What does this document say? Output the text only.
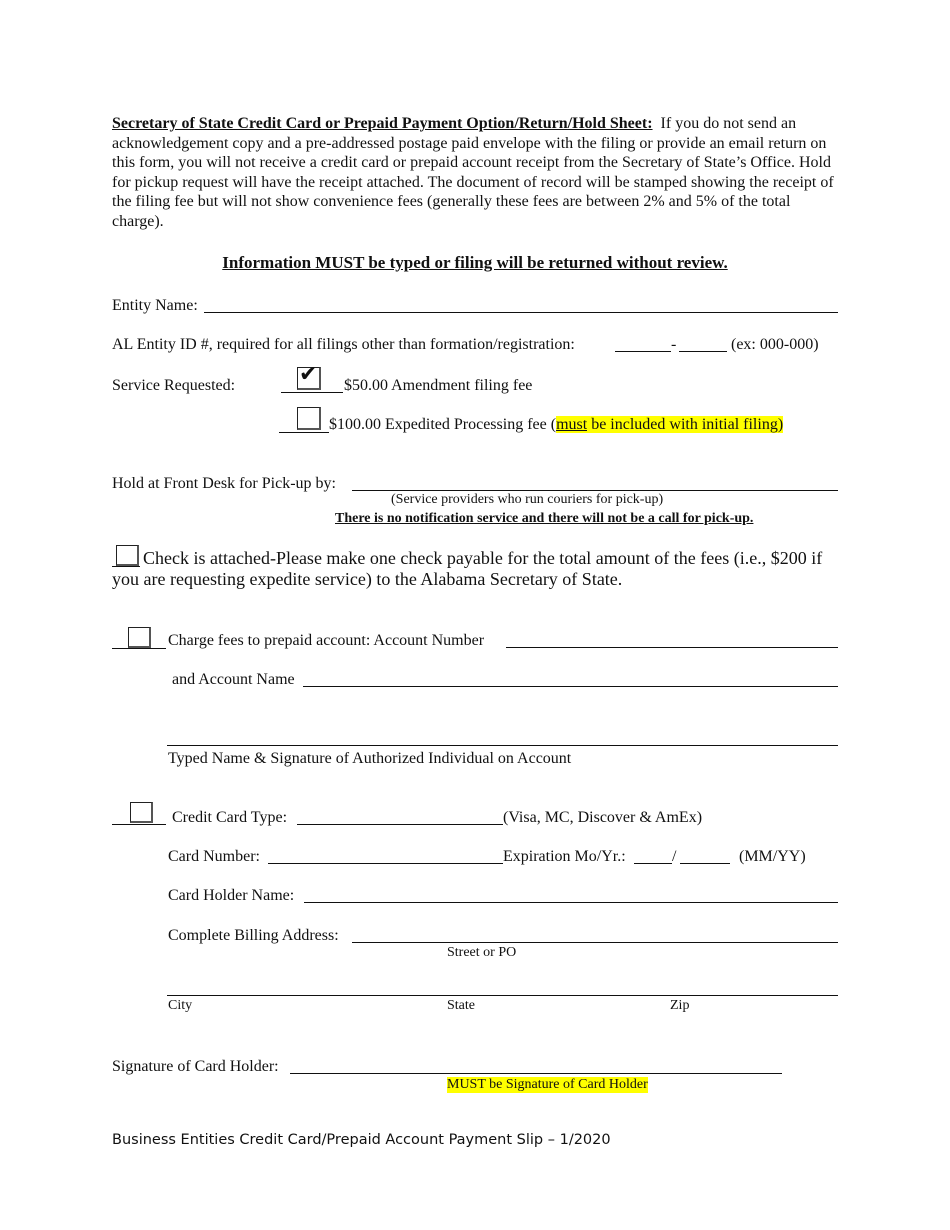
Secretary of State Credit Card or Prepaid Payment Option/Return/Hold Sheet: If you do not send an acknowledgement copy and a pre-addressed postage paid envelope with the filing or provide an email return on this form, you will not receive a credit card or prepaid account receipt from the Secretary of State’s Office. Hold for pickup request will have the receipt attached. The document of record will be stamped showing the receipt of the filing fee but will not show convenience fees (generally these fees are between 2% and 5% of the total charge).
Information MUST be typed or filing will be returned without review.
Entity Name:
AL Entity ID #, required for all filings other than formation/registration:	-	(ex: 000-000)
Service Requested:	✔ $50.00 Amendment filing fee
$100.00 Expedited Processing fee (must be included with initial filing)
Hold at Front Desk for Pick-up by:
(Service providers who run couriers for pick-up)
There is no notification service and there will not be a call for pick-up.
Check is attached-Please make one check payable for the total amount of the fees (i.e., $200 if you are requesting expedite service) to the Alabama Secretary of State.
Charge fees to prepaid account: Account Number
and Account Name
Typed Name & Signature of Authorized Individual on Account
Credit Card Type:	(Visa, MC, Discover & AmEx)
Card Number:	Expiration Mo/Yr.:	/	(MM/YY)
Card Holder Name:
Complete Billing Address:
Street or PO
City	State	Zip
Signature of Card Holder:
MUST be Signature of Card Holder
Business Entities Credit Card/Prepaid Account Payment Slip – 1/2020
